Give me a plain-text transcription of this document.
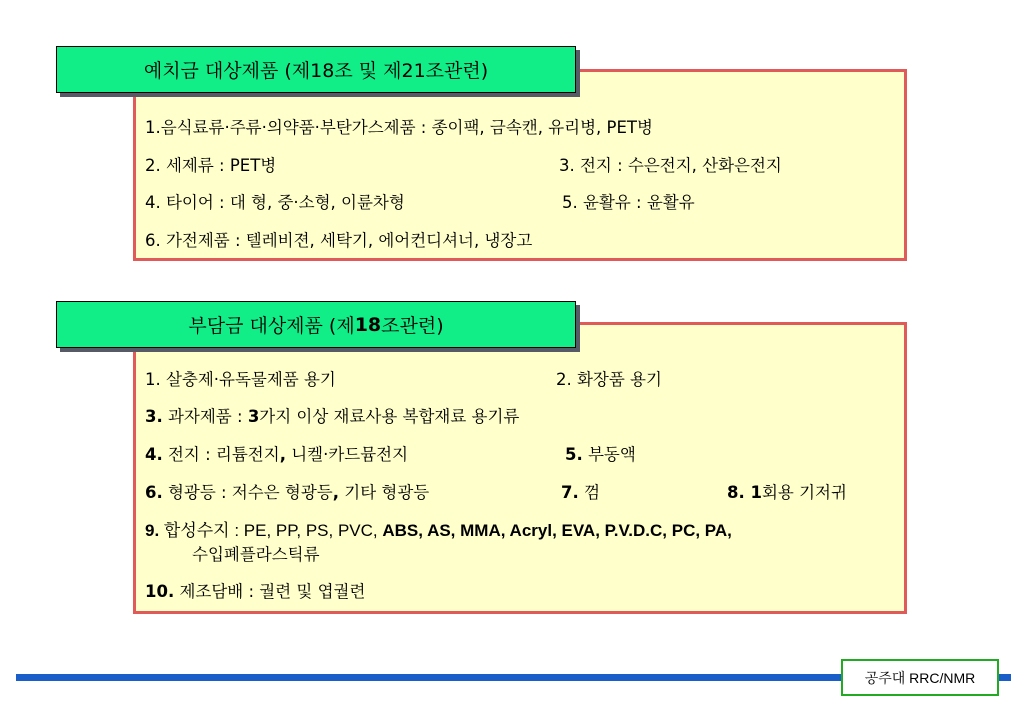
예치금 대상제품 (제18조 및 제21조관련)
1.음식료류·주류·의약품·부탄가스제품 : 종이팩, 금속캔, 유리병, PET병
2. 세제류 : PET병	3. 전지 : 수은전지, 산화은전지
4. 타이어 : 대 형, 중·소형, 이륜차형	5. 윤활유 : 윤활유
6. 가전제품 : 텔레비젼, 세탁기, 에어컨디셔너, 냉장고
부담금 대상제품 (제 18 조관련)
1. 살충제·유독물제품 용기	2. 화장품 용기
3. 과자제품 : 3가지 이상 재료사용 복합재료 용기류
4. 전지 : 리튬전지, 니켈·카드뮴전지	5. 부동액
6. 형광등 : 저수은 형광등, 기타 형광등	7. 껌	8. 1회용 기저귀
9. 합성수지 : PE, PP, PS, PVC, ABS, AS, MMA, Acryl, EVA, P.V.D.C, PC, PA,
수입폐플라스틱류
10. 제조담배 : 궐련 및 엽궐련
공주대 RRC/NMR
